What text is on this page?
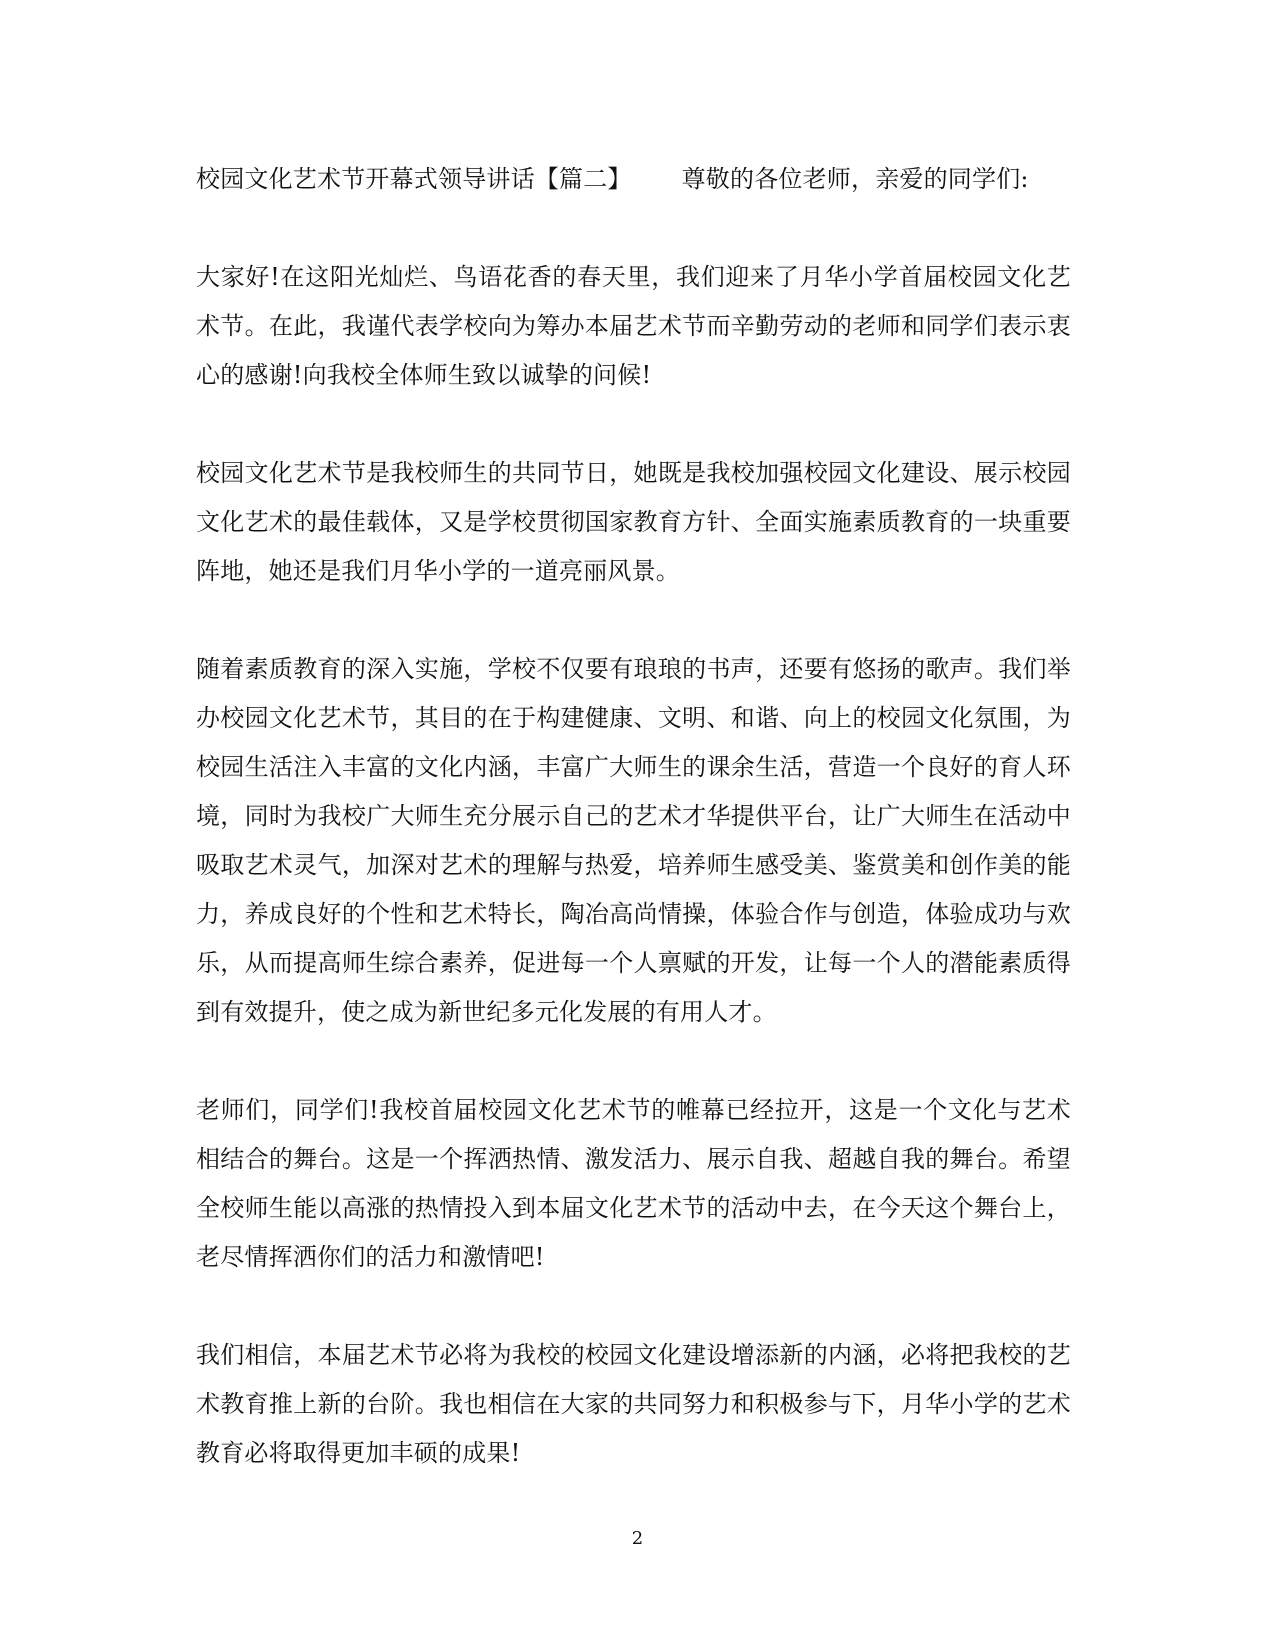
校园文化艺术节开幕式领导讲话【篇二】 尊敬的各位老师，亲爱的同学们:

大家好!在这阳光灿烂、鸟语花香的春天里，我们迎来了月华小学首届校园文化艺术节。在此，我谨代表学校向为筹办本届艺术节而辛勤劳动的老师和同学们表示衷心的感谢!向我校全体师生致以诚挚的问候!

校园文化艺术节是我校师生的共同节日，她既是我校加强校园文化建设、展示校园文化艺术的最佳载体，又是学校贯彻国家教育方针、全面实施素质教育的一块重要阵地，她还是我们月华小学的一道亮丽风景。

随着素质教育的深入实施，学校不仅要有琅琅的书声，还要有悠扬的歌声。我们举办校园文化艺术节，其目的在于构建健康、文明、和谐、向上的校园文化氛围，为校园生活注入丰富的文化内涵，丰富广大师生的课余生活，营造一个良好的育人环境，同时为我校广大师生充分展示自己的艺术才华提供平台，让广大师生在活动中吸取艺术灵气，加深对艺术的理解与热爱，培养师生感受美、鉴赏美和创作美的能力，养成良好的个性和艺术特长，陶冶高尚情操，体验合作与创造，体验成功与欢乐，从而提高师生综合素养，促进每一个人禀赋的开发，让每一个人的潜能素质得到有效提升，使之成为新世纪多元化发展的有用人才。

老师们，同学们!我校首届校园文化艺术节的帷幕已经拉开，这是一个文化与艺术相结合的舞台。这是一个挥洒热情、激发活力、展示自我、超越自我的舞台。希望全校师生能以高涨的热情投入到本届文化艺术节的活动中去，在今天这个舞台上，老尽情挥洒你们的活力和激情吧!

我们相信，本届艺术节必将为我校的校园文化建设增添新的内涵，必将把我校的艺术教育推上新的台阶。我也相信在大家的共同努力和积极参与下，月华小学的艺术教育必将取得更加丰硕的成果!

2
